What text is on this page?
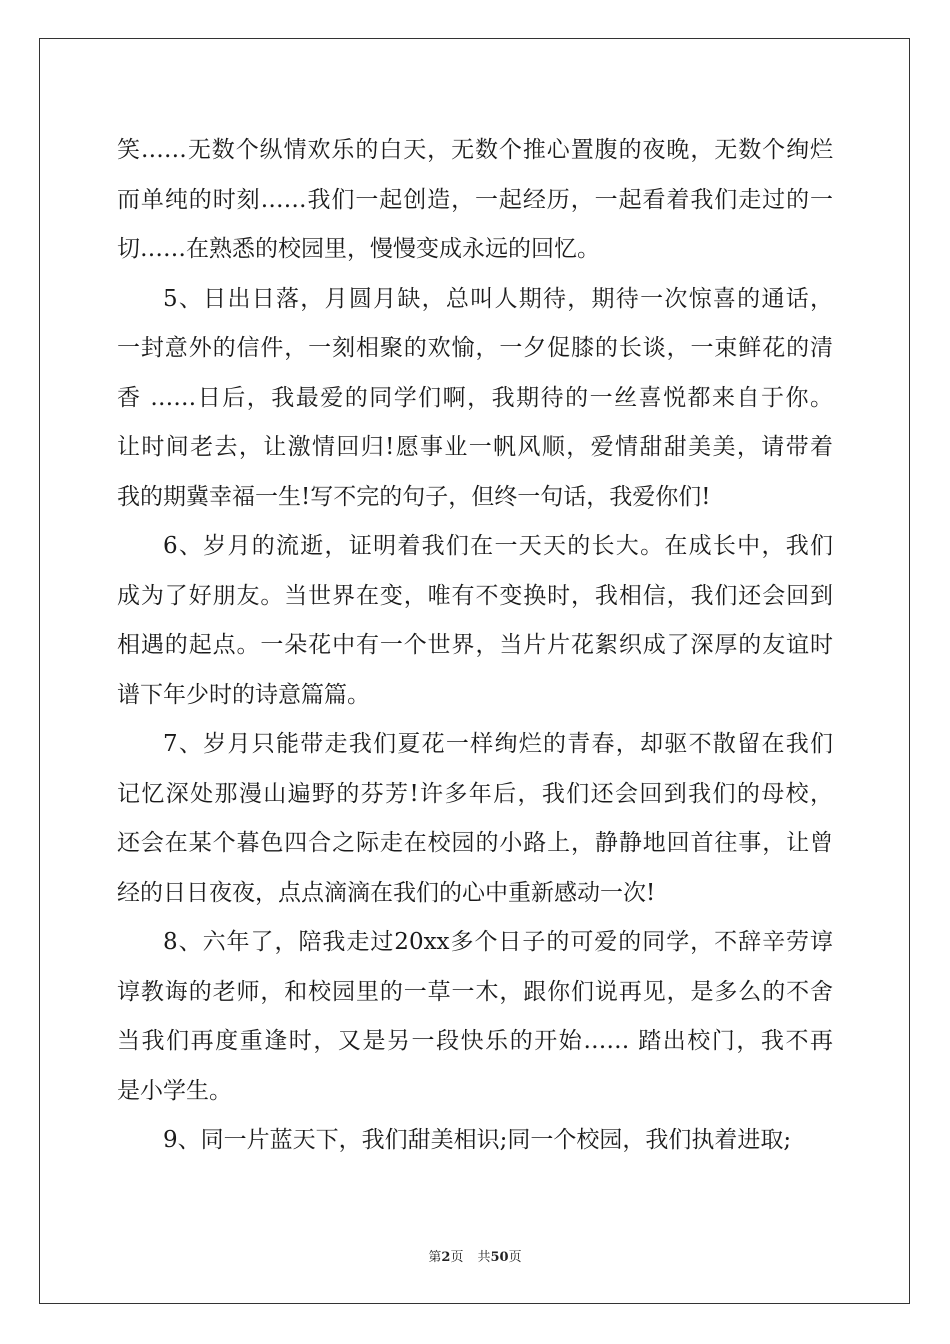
笑……无数个纵情欢乐的白天，无数个推心置腹的夜晚，无数个绚烂
而单纯的时刻……我们一起创造，一起经历，一起看着我们走过的一
切……在熟悉的校园里，慢慢变成永远的回忆。
5、日出日落，月圆月缺，总叫人期待，期待一次惊喜的通话，
一封意外的信件，一刻相聚的欢愉，一夕促膝的长谈，一束鲜花的清
香 ……日后，我最爱的同学们啊，我期待的一丝喜悦都来自于你。
让时间老去，让激情回归!愿事业一帆风顺，爱情甜甜美美，请带着
我的期冀幸福一生!写不完的句子，但终一句话，我爱你们!
6、岁月的流逝，证明着我们在一天天的长大。在成长中，我们
成为了好朋友。当世界在变，唯有不变换时，我相信，我们还会回到
相遇的起点。一朵花中有一个世界，当片片花絮织成了深厚的友谊时
谱下年少时的诗意篇篇。
7、岁月只能带走我们夏花一样绚烂的青春，却驱不散留在我们
记忆深处那漫山遍野的芬芳!许多年后，我们还会回到我们的母校，
还会在某个暮色四合之际走在校园的小路上，静静地回首往事，让曾
经的日日夜夜，点点滴滴在我们的心中重新感动一次!
8、六年了，陪我走过20xx多个日子的可爱的同学，不辞辛劳谆
谆教诲的老师，和校园里的一草一木，跟你们说再见，是多么的不舍
当我们再度重逢时，又是另一段快乐的开始…… 踏出校门，我不再
是小学生。
9、同一片蓝天下，我们甜美相识;同一个校园，我们执着进取;
第2页 共50页
